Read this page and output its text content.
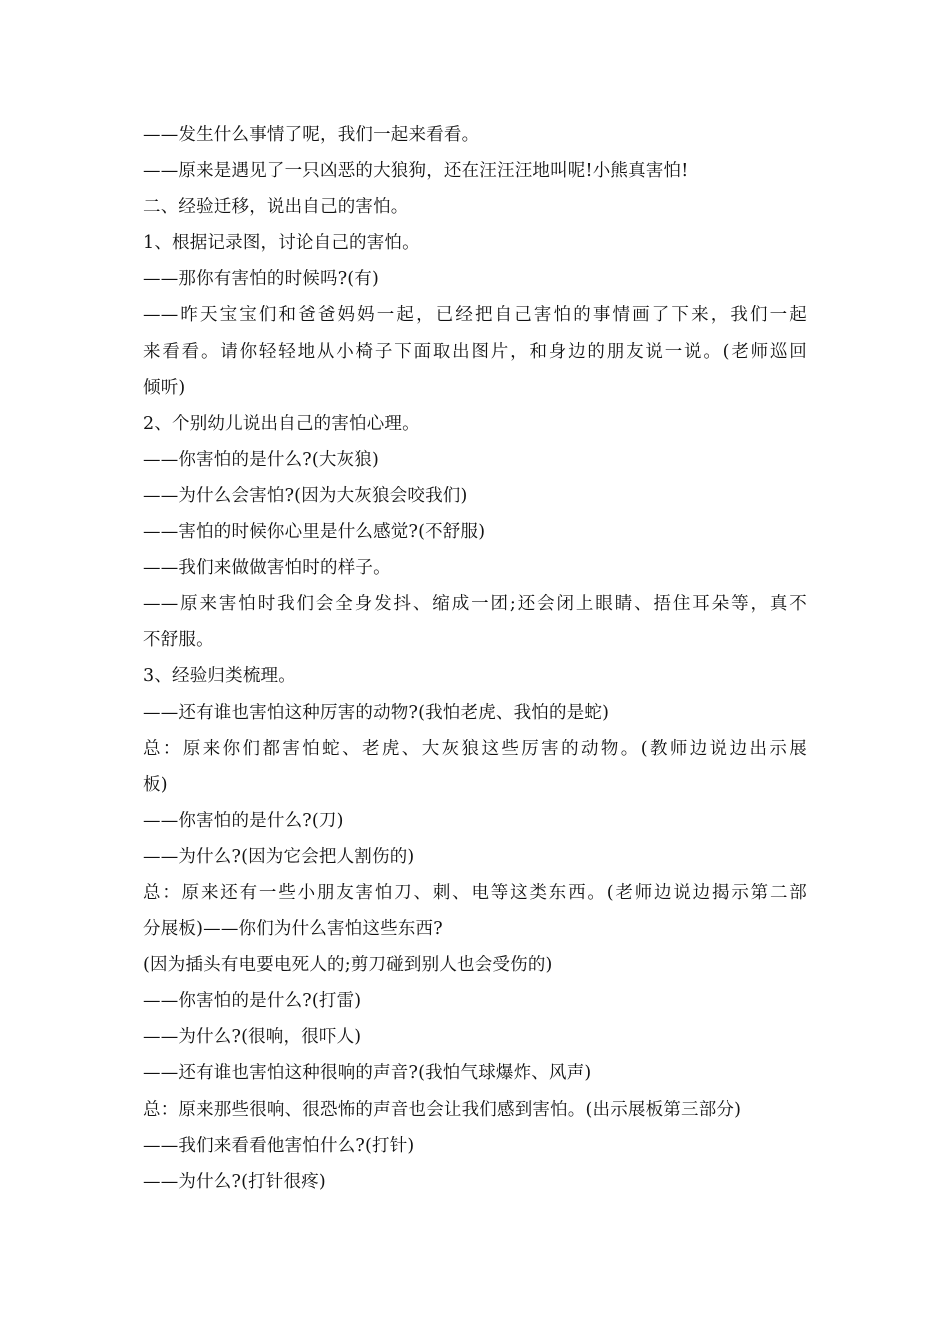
——发生什么事情了呢，我们一起来看看。
——原来是遇见了一只凶恶的大狼狗，还在汪汪汪地叫呢!小熊真害怕!
二、经验迁移，说出自己的害怕。
1、根据记录图，讨论自己的害怕。
——那你有害怕的时候吗?(有)
——昨天宝宝们和爸爸妈妈一起，已经把自己害怕的事情画了下来，我们一起
来看看。请你轻轻地从小椅子下面取出图片，和身边的朋友说一说。(老师巡回
倾听)
2、个别幼儿说出自己的害怕心理。
——你害怕的是什么?(大灰狼)
——为什么会害怕?(因为大灰狼会咬我们)
——害怕的时候你心里是什么感觉?(不舒服)
——我们来做做害怕时的样子。
——原来害怕时我们会全身发抖、缩成一团;还会闭上眼睛、捂住耳朵等，真不
不舒服。
3、经验归类梳理。
——还有谁也害怕这种厉害的动物?(我怕老虎、我怕的是蛇)
总：原来你们都害怕蛇、老虎、大灰狼这些厉害的动物。(教师边说边出示展
板)
——你害怕的是什么?(刀)
——为什么?(因为它会把人割伤的)
总：原来还有一些小朋友害怕刀、刺、电等这类东西。(老师边说边揭示第二部
分展板)——你们为什么害怕这些东西?
(因为插头有电要电死人的;剪刀碰到别人也会受伤的)
——你害怕的是什么?(打雷)
——为什么?(很响，很吓人)
——还有谁也害怕这种很响的声音?(我怕气球爆炸、风声)
总：原来那些很响、很恐怖的声音也会让我们感到害怕。(出示展板第三部分)
——我们来看看他害怕什么?(打针)
——为什么?(打针很疼)
